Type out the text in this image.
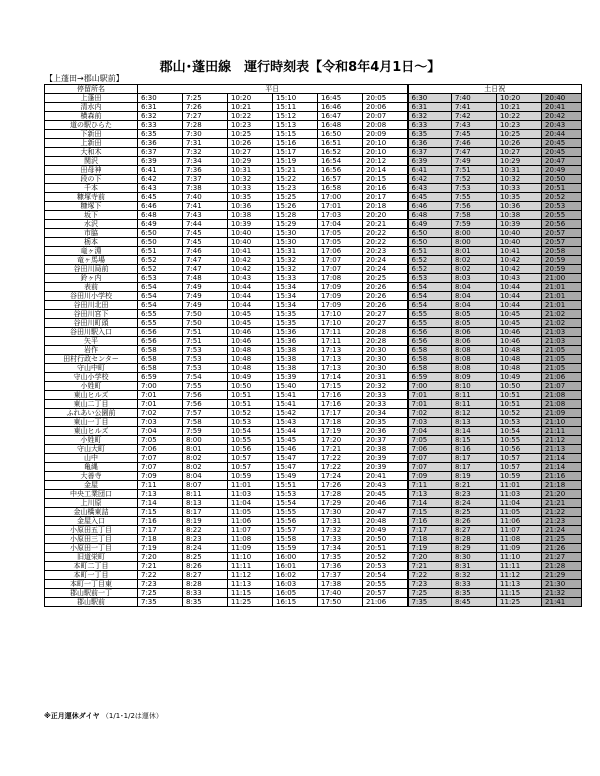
郡山･蓬田線　運行時刻表【令和8年4月1日～】
【上蓬田→郡山駅前】
停留所名	平日						土日祝			
上蓬田	6:30	7:25	10:20	15:10	16:45	20:05	6:30	7:40	10:20	20:40
清水内	6:31	7:26	10:21	15:11	16:46	20:06	6:31	7:41	10:21	20:41
横森前	6:32	7:27	10:22	15:12	16:47	20:07	6:32	7:42	10:22	20:42
道の駅ひらた	6:33	7:28	10:23	15:13	16:48	20:08	6:33	7:43	10:23	20:43
下新田	6:35	7:30	10:25	15:15	16:50	20:09	6:35	7:45	10:25	20:44
上新田	6:36	7:31	10:26	15:16	16:51	20:10	6:36	7:46	10:26	20:45
大和木	6:37	7:32	10:27	15:17	16:52	20:10	6:37	7:47	10:27	20:45
関沢	6:39	7:34	10:29	15:19	16:54	20:12	6:39	7:49	10:29	20:47
田母神	6:41	7:36	10:31	15:21	16:56	20:14	6:41	7:51	10:31	20:49
段の下	6:42	7:37	10:32	15:22	16:57	20:15	6:42	7:52	10:32	20:50
千本	6:43	7:38	10:33	15:23	16:58	20:16	6:43	7:53	10:33	20:51
糠塚寺前	6:45	7:40	10:35	15:25	17:00	20:17	6:45	7:55	10:35	20:52
糠塚下	6:46	7:41	10:36	15:26	17:01	20:18	6:46	7:56	10:36	20:53
坂下	6:48	7:43	10:38	15:28	17:03	20:20	6:48	7:58	10:38	20:55
水沢	6:49	7:44	10:39	15:29	17:04	20:21	6:49	7:59	10:39	20:56
市脇	6:50	7:45	10:40	15:30	17:05	20:22	6:50	8:00	10:40	20:57
栃本	6:50	7:45	10:40	15:30	17:05	20:22	6:50	8:00	10:40	20:57
竜ヶ淵	6:51	7:46	10:41	15:31	17:06	20:23	6:51	8:01	10:41	20:58
竜ヶ馬場	6:52	7:47	10:42	15:32	17:07	20:24	6:52	8:02	10:42	20:59
谷田川局前	6:52	7:47	10:42	15:32	17:07	20:24	6:52	8:02	10:42	20:59
鈴ヶ内	6:53	7:48	10:43	15:33	17:08	20:25	6:53	8:03	10:43	21:00
表前	6:54	7:49	10:44	15:34	17:09	20:26	6:54	8:04	10:44	21:01
谷田川小学校	6:54	7:49	10:44	15:34	17:09	20:26	6:54	8:04	10:44	21:01
谷田川北田	6:54	7:49	10:44	15:34	17:09	20:26	6:54	8:04	10:44	21:01
谷田川宮下	6:55	7:50	10:45	15:35	17:10	20:27	6:55	8:05	10:45	21:02
谷田川町頭	6:55	7:50	10:45	15:35	17:10	20:27	6:55	8:05	10:45	21:02
谷田川駅入口	6:56	7:51	10:46	15:36	17:11	20:28	6:56	8:06	10:46	21:03
矢平	6:56	7:51	10:46	15:36	17:11	20:28	6:56	8:06	10:46	21:03
岩作	6:58	7:53	10:48	15:38	17:13	20:30	6:58	8:08	10:48	21:05
田村行政センター	6:58	7:53	10:48	15:38	17:13	20:30	6:58	8:08	10:48	21:05
守山中町	6:58	7:53	10:48	15:38	17:13	20:30	6:58	8:08	10:48	21:05
守山小学校	6:59	7:54	10:49	15:39	17:14	20:31	6:59	8:09	10:49	21:06
小姓町	7:00	7:55	10:50	15:40	17:15	20:32	7:00	8:10	10:50	21:07
東山ヒルズ	7:01	7:56	10:51	15:41	17:16	20:33	7:01	8:11	10:51	21:08
東山二丁目	7:01	7:56	10:51	15:41	17:16	20:33	7:01	8:11	10:51	21:08
ふれあい公園前	7:02	7:57	10:52	15:42	17:17	20:34	7:02	8:12	10:52	21:09
東山一丁目	7:03	7:58	10:53	15:43	17:18	20:35	7:03	8:13	10:53	21:10
東山ヒルズ	7:04	7:59	10:54	15:44	17:19	20:36	7:04	8:14	10:54	21:11
小姓町	7:05	8:00	10:55	15:45	17:20	20:37	7:05	8:15	10:55	21:12
守山大町	7:06	8:01	10:56	15:46	17:21	20:38	7:06	8:16	10:56	21:13
山中	7:07	8:02	10:57	15:47	17:22	20:39	7:07	8:17	10:57	21:14
亀縄	7:07	8:02	10:57	15:47	17:22	20:39	7:07	8:17	10:57	21:14
大善寺	7:09	8:04	10:59	15:49	17:24	20:41	7:09	8:19	10:59	21:16
金屋	7:11	8:07	11:01	15:51	17:26	20:43	7:11	8:21	11:01	21:18
中央工業団口	7:13	8:11	11:03	15:53	17:28	20:45	7:13	8:23	11:03	21:20
上川原	7:14	8:13	11:04	15:54	17:29	20:46	7:14	8:24	11:04	21:21
金山橋東詰	7:15	8:17	11:05	15:55	17:30	20:47	7:15	8:25	11:05	21:22
金屋入口	7:16	8:19	11:06	15:56	17:31	20:48	7:16	8:26	11:06	21:23
小原田五丁目	7:17	8:22	11:07	15:57	17:32	20:49	7:17	8:27	11:07	21:24
小原田三丁目	7:18	8:23	11:08	15:58	17:33	20:50	7:18	8:28	11:08	21:25
小原田一丁目	7:19	8:24	11:09	15:59	17:34	20:51	7:19	8:29	11:09	21:26
旧道栄町	7:20	8:25	11:10	16:00	17:35	20:52	7:20	8:30	11:10	21:27
本町二丁目	7:21	8:26	11:11	16:01	17:36	20:53	7:21	8:31	11:11	21:28
本町一丁目	7:22	8:27	11:12	16:02	17:37	20:54	7:22	8:32	11:12	21:29
本町一丁目東	7:23	8:28	11:13	16:03	17:38	20:55	7:23	8:33	11:13	21:30
郡山駅前一丁	7:25	8:33	11:15	16:05	17:40	20:57	7:25	8:35	11:15	21:32
郡山駅前	7:35	8:35	11:25	16:15	17:50	21:06	7:35	8:45	11:25	21:41
※正月運休ダイヤ （1/1･1/2は運休）
